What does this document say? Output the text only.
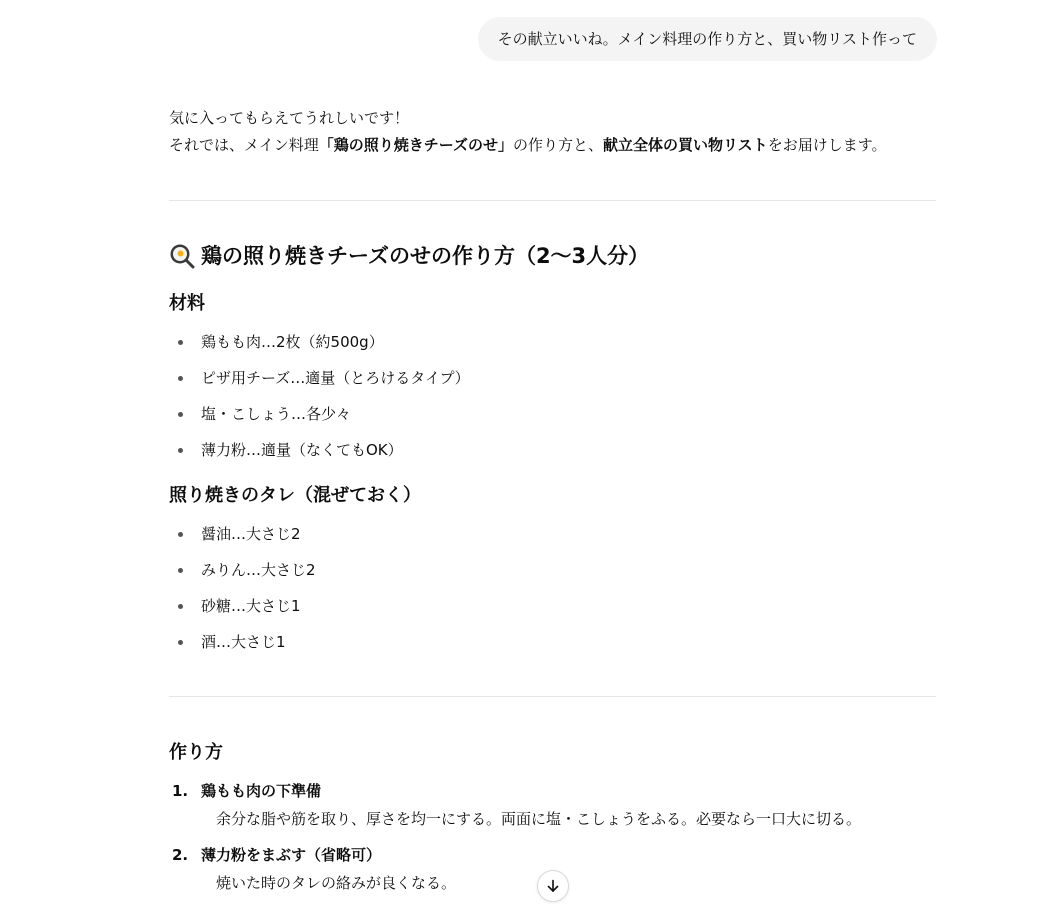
その献立いいね。メイン料理の作り方と、買い物リスト作って

気に入ってもらえてうれしいです！

それでは、メイン料理「鶏の照り焼きチーズのせ」の作り方と、献立全体の買い物リストをお届けします。

鶏の照り焼きチーズのせの作り方（2〜3人分）
材料
鶏もも肉…2枚（約500g）
ピザ用チーズ…適量（とろけるタイプ）
塩・こしょう…各少々
薄力粉…適量（なくてもOK）
照り焼きのタレ（混ぜておく）
醤油…大さじ2
みりん…大さじ2
砂糖…大さじ1
酒…大さじ1
作り方
1. 鶏もも肉の下準備
余分な脂や筋を取り、厚さを均一にする。両面に塩・こしょうをふる。必要なら一口大に切る。
2. 薄力粉をまぶす（省略可）
焼いた時のタレの絡みが良くなる。
